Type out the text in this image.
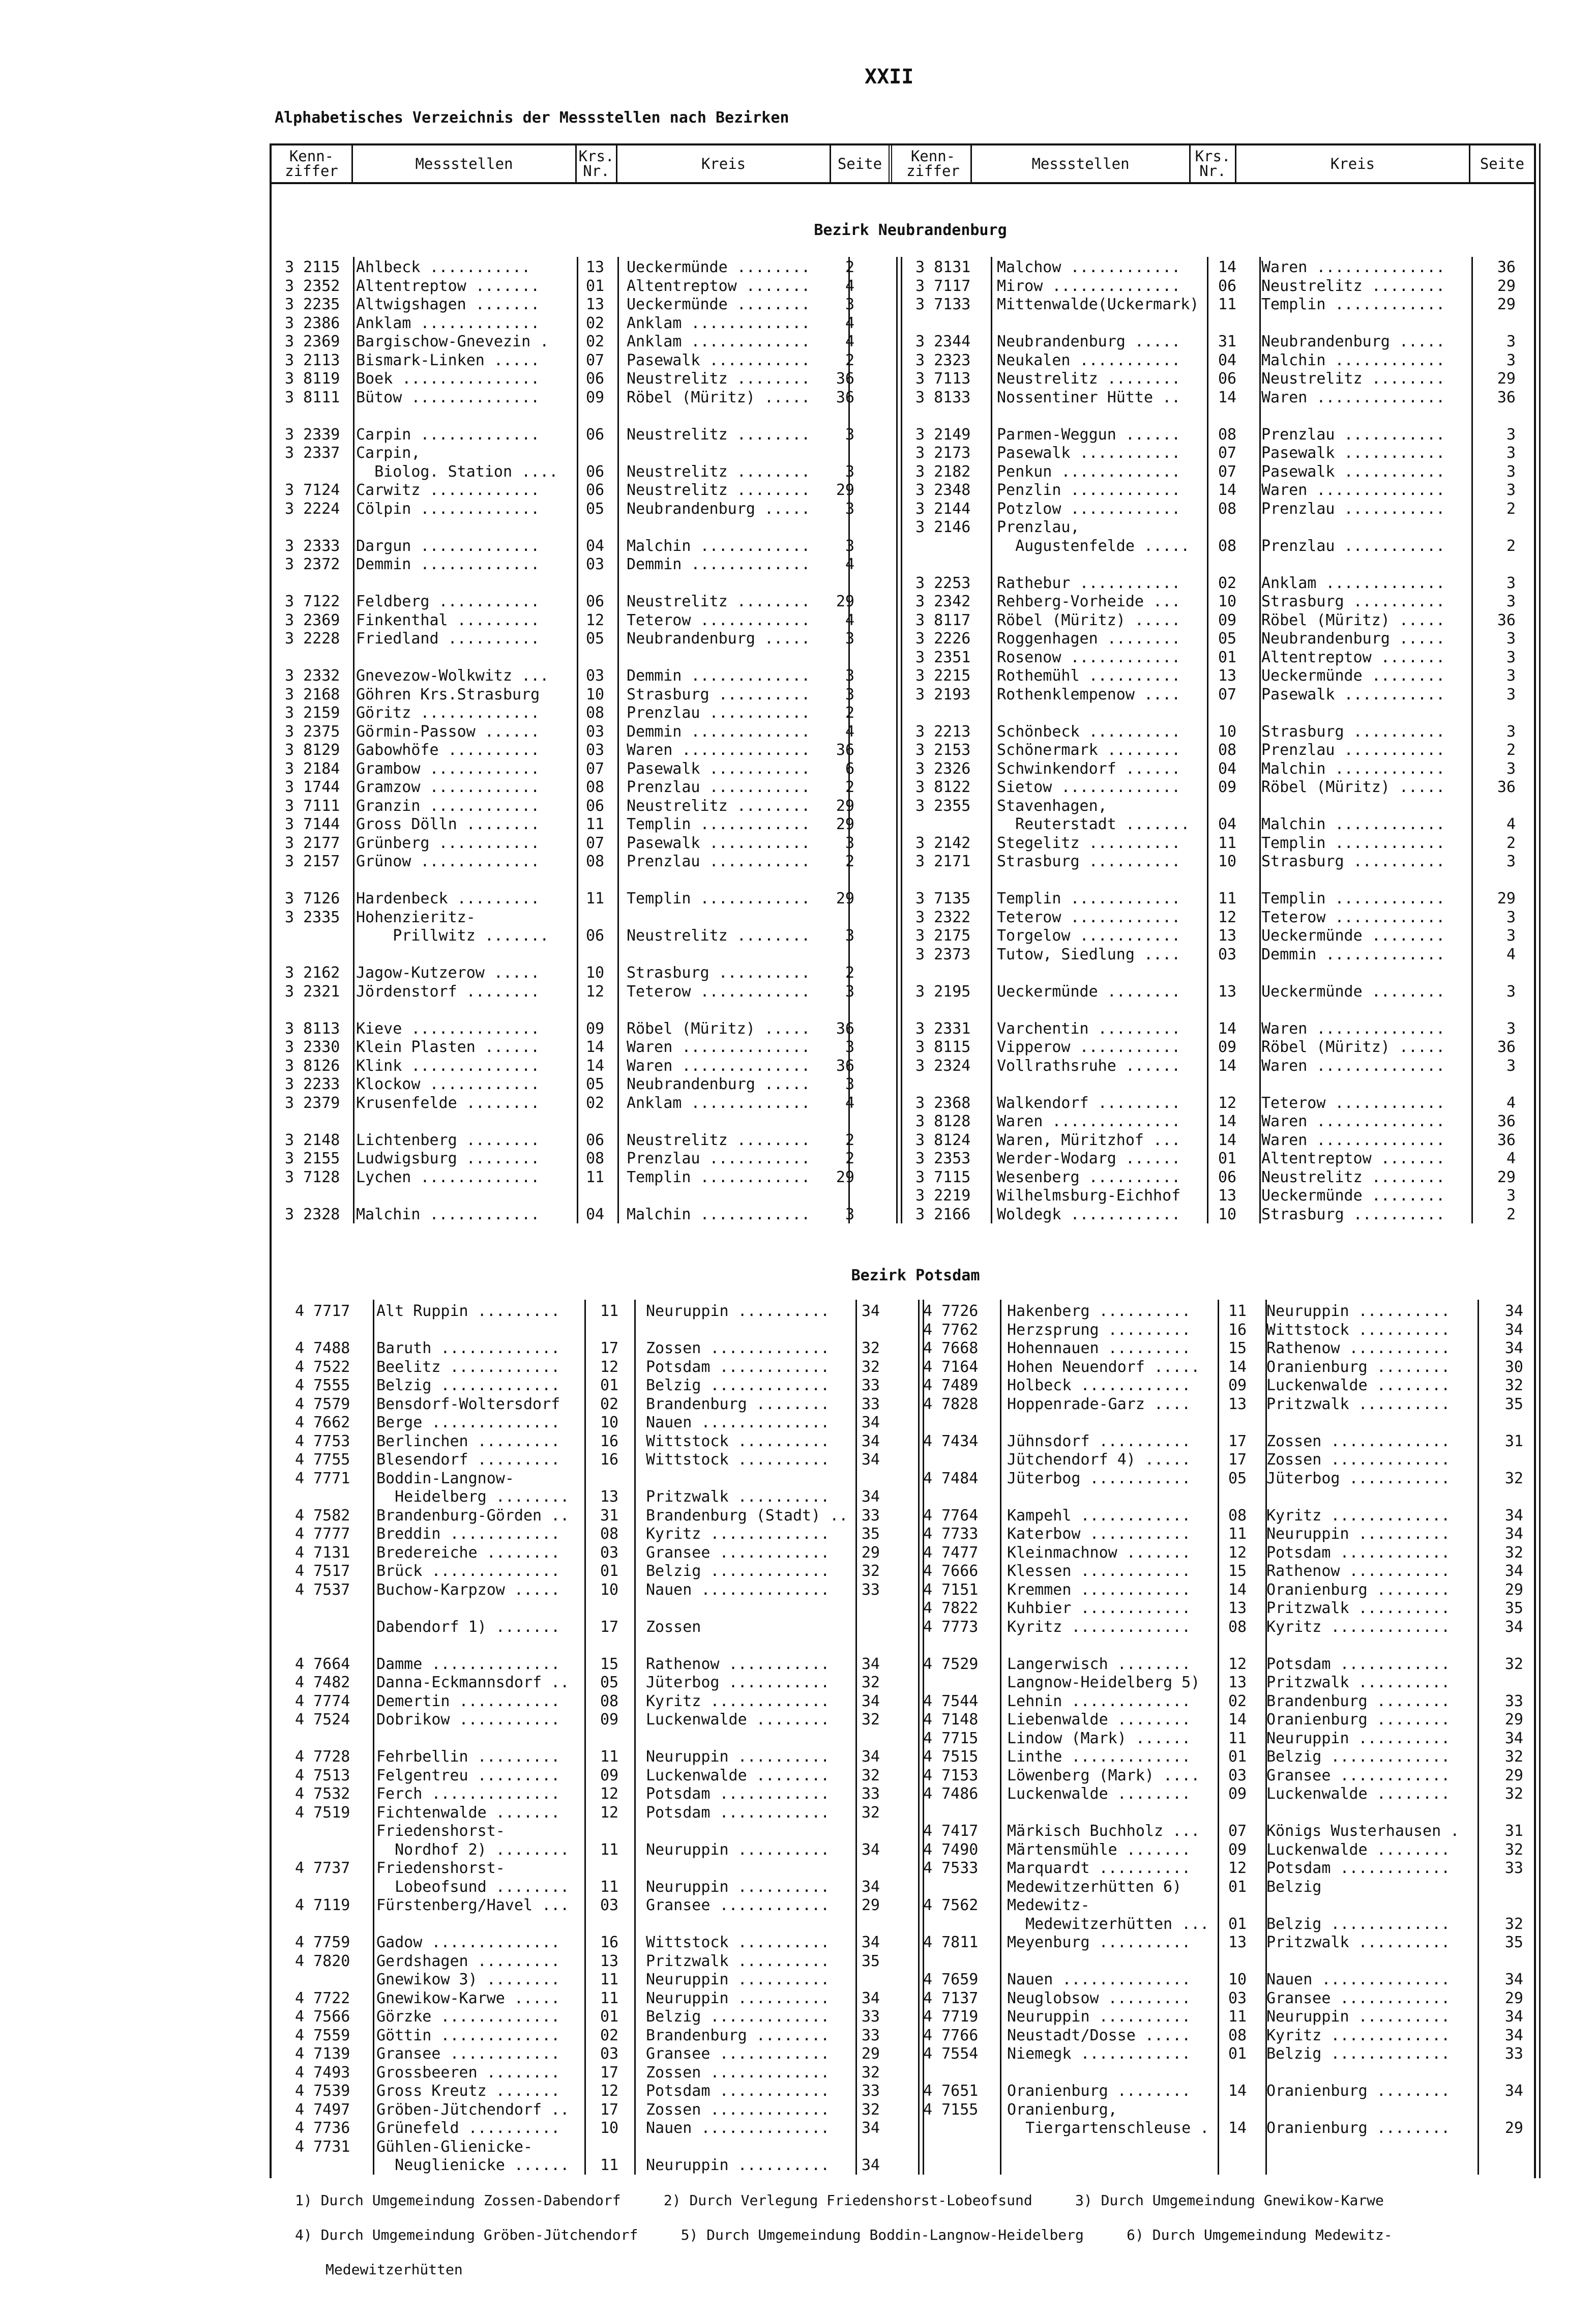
XXII
Alphabetisches Verzeichnis der Messstellen nach Bezirken
Kenn-
ziffer	Messstellen	Krs.
Nr.	Kreis	Seite	Kenn-
ziffer	Messstellen	Krs.
Nr.	Kreis	Seite
Bezirk Neubrandenburg
3 2115 Ahlbeck ...........	13 Ueckermünde ........	2
3 2352 Altentreptow .......	01 Altentreptow .......	4
3 2235 Altwigshagen .......	13 Ueckermünde ........	3
3 2386 Anklam .............	02 Anklam .............	4
3 2369 Bargischow-Gnevezin . 02 Anklam .............	4
3 2113 Bismark-Linken .....	07 Pasewalk ...........	2
3 8119 Boek ...............	06 Neustrelitz ........	36
3 8111 Bütow ..............	09 Röbel (Müritz) .....	36
3 2339 Carpin .............	06 Neustrelitz ........	3
3 2337 Carpin,
Biolog. Station .... 06 Neustrelitz ........	3
3 7124 Carwitz ............	06 Neustrelitz ........	29
3 2224 Cölpin .............	05 Neubrandenburg .....	3
3 2333 Dargun .............	04 Malchin ............	3
3 2372 Demmin .............	03 Demmin .............	4
3 7122 Feldberg ...........	06 Neustrelitz ........	29
3 2369 Finkenthal .........	12 Teterow ............	4
3 2228 Friedland ..........	05 Neubrandenburg .....	3
3 2332 Gnevezow-Wolkwitz ... 03 Demmin .............	3
3 2168 Göhren Krs.Strasburg	10 Strasburg ..........	3
3 2159 Göritz .............	08 Prenzlau ...........	2
3 2375 Görmin-Passow ......	03 Demmin .............	4
3 8129 Gabowhöfe ..........	03 Waren ..............	36
3 2184 Grambow ............	07 Pasewalk ...........	6
3 1744 Gramzow ............	08 Prenzlau ...........	2
3 7111 Granzin ............	06 Neustrelitz ........	29
3 7144 Gross Dölln ........	11 Templin ............	29
3 2177 Grünberg ...........	07 Pasewalk ...........	3
3 2157 Grünow .............	08 Prenzlau ...........	2
3 7126 Hardenbeck .........	11 Templin ............	29
3 2335 Hohenzieritz-
Prillwitz ....... 06 Neustrelitz ........	3
3 2162 Jagow-Kutzerow .....	10 Strasburg ..........	2
3 2321 Jördenstorf ........	12 Teterow ............	3
3 8113 Kieve ..............	09 Röbel (Müritz) .....	36
3 2330 Klein Plasten ......	14 Waren ..............	3
3 8126 Klink ..............	14 Waren ..............	36
3 2233 Klockow ............	05 Neubrandenburg .....	3
3 2379 Krusenfelde ........	02 Anklam .............	4
3 2148 Lichtenberg ........	06 Neustrelitz ........	2
3 2155 Ludwigsburg ........	08 Prenzlau ...........	2
3 7128 Lychen .............	11 Templin ............	29
3 2328 Malchin ............	04 Malchin ............	3
3 8131 Malchow ............ 14 Waren ..............	36
3 7117 Mirow .............. 06 Neustrelitz ........	29
3 7133 Mittenwalde(Uckermark) 11 Templin ............	29
3 2344 Neubrandenburg ..... 31 Neubrandenburg .....	3
3 2323 Neukalen ........... 04 Malchin ............	3
3 7113 Neustrelitz ........ 06 Neustrelitz ........	29
3 8133 Nossentiner Hütte .. 14 Waren ..............	36
3 2149 Parmen-Weggun ...... 08 Prenzlau ...........	3
3 2173 Pasewalk ........... 07 Pasewalk ...........	3
3 2182 Penkun ............. 07 Pasewalk ...........	3
3 2348 Penzlin ............ 14 Waren ..............	3
3 2144 Potzlow ............ 08 Prenzlau ...........	2
3 2146 Prenzlau,
Augustenfelde ..... 08 Prenzlau ...........	2
3 2253 Rathebur ........... 02 Anklam .............	3
3 2342 Rehberg-Vorheide ... 10 Strasburg ..........	3
3 8117 Röbel (Müritz) ..... 09 Röbel (Müritz) .....	36
3 2226 Roggenhagen ........ 05 Neubrandenburg .....	3
3 2351 Rosenow ............ 01 Altentreptow .......	3
3 2215 Rothemühl .......... 13 Ueckermünde ........	3
3 2193 Rothenklempenow .... 07 Pasewalk ...........	3
3 2213 Schönbeck .......... 10 Strasburg ..........	3
3 2153 Schönermark ........ 08 Prenzlau ...........	2
3 2326 Schwinkendorf ...... 04 Malchin ............	3
3 8122 Sietow ............. 09 Röbel (Müritz) .....	36
3 2355 Stavenhagen,
Reuterstadt ....... 04 Malchin ............	4
3 2142 Stegelitz .......... 11 Templin ............	2
3 2171 Strasburg .......... 10 Strasburg ..........	3
3 7135 Templin ............ 11 Templin ............	29
3 2322 Teterow ............ 12 Teterow ............	3
3 2175 Torgelow ........... 13 Ueckermünde ........	3
3 2373 Tutow, Siedlung .... 03 Demmin .............	4
3 2195 Ueckermünde ........ 13 Ueckermünde ........	3
3 2331 Varchentin ......... 14 Waren ..............	3
3 8115 Vipperow ........... 09 Röbel (Müritz) .....	36
3 2324 Vollrathsruhe ...... 14 Waren ..............	3
3 2368 Walkendorf ......... 12 Teterow ............	4
3 8128 Waren .............. 14 Waren ..............	36
3 8124 Waren, Müritzhof ... 14 Waren ..............	36
3 2353 Werder-Wodarg ...... 01 Altentreptow .......	4
3 7115 Wesenberg .......... 06 Neustrelitz ........	29
3 2219 Wilhelmsburg-Eichhof 13 Ueckermünde ........	3
3 2166 Woldegk ............ 10 Strasburg ..........	2
Bezirk Potsdam
4 7717 Alt Ruppin .........	11 Neuruppin ..........	34
4 7488 Baruth .............	17 Zossen .............	32
4 7522 Beelitz ............	12 Potsdam ............	32
4 7555 Belzig .............	01 Belzig .............	33
4 7579 Bensdorf-Woltersdorf	02 Brandenburg ........	33
4 7662 Berge ..............	10 Nauen ..............	34
4 7753 Berlinchen .........	16 Wittstock ..........	34
4 7755 Blesendorf .........	16 Wittstock ..........	34
4 7771 Boddin-Langnow-
Heidelberg ........ 13 Pritzwalk ..........	34
4 7582 Brandenburg-Görden .. 31 Brandenburg (Stadt) .. 33
4 7777 Breddin ............	08 Kyritz .............	35
4 7131 Bredereiche ........	03 Gransee ............	29
4 7517 Brück ..............	01 Belzig .............	32
4 7537 Buchow-Karpzow .....	10 Nauen ..............	33
Dabendorf 1) .......	17 Zossen
4 7664 Damme ..............	15 Rathenow ...........	34
4 7482 Danna-Eckmannsdorf .. 05 Jüterbog ...........	32
4 7774 Demertin ...........	08 Kyritz .............	34
4 7524 Dobrikow ...........	09 Luckenwalde ........	32
4 7728 Fehrbellin .........	11 Neuruppin ..........	34
4 7513 Felgentreu .........	09 Luckenwalde ........	32
4 7532 Ferch ..............	12 Potsdam ............	33
4 7519 Fichtenwalde .......	12 Potsdam ............	32
Friedenshorst-
Nordhof 2) ........ 11 Neuruppin ..........	34
4 7737 Friedenshorst-
Lobeofsund ........ 11 Neuruppin ..........	34
4 7119 Fürstenberg/Havel ... 03 Gransee ............	29
4 7759 Gadow ..............	16 Wittstock ..........	34
4 7820 Gerdshagen .........	13 Pritzwalk ..........	35
Gnewikow 3) ........	11 Neuruppin ..........
4 7722 Gnewikow-Karwe .....	11 Neuruppin ..........	34
4 7566 Görzke .............	01 Belzig .............	33
4 7559 Göttin .............	02 Brandenburg ........	33
4 7139 Gransee ............	03 Gransee ............	29
4 7493 Grossbeeren ........	17 Zossen .............	32
4 7539 Gross Kreutz .......	12 Potsdam ............	33
4 7497 Gröben-Jütchendorf .. 17 Zossen .............	32
4 7736 Grünefeld ..........	10 Nauen ..............	34
4 7731 Gühlen-Glienicke-
Neuglienicke ...... 11 Neuruppin ..........	34
4 7726 Hakenberg .......... 11 Neuruppin ..........	34
4 7762 Herzsprung ......... 16 Wittstock ..........	34
4 7668 Hohennauen ......... 15 Rathenow ...........	34
4 7164 Hohen Neuendorf ..... 14 Oranienburg ........	30
4 7489 Holbeck ............ 09 Luckenwalde ........	32
4 7828 Hoppenrade-Garz .... 13 Pritzwalk ..........	35
4 7434 Jühnsdorf .......... 17 Zossen .............	31
Jütchendorf 4) ..... 17 Zossen .............
4 7484 Jüterbog ........... 05 Jüterbog ...........	32
4 7764 Kampehl ............ 08 Kyritz .............	34
4 7733 Katerbow ........... 11 Neuruppin ..........	34
4 7477 Kleinmachnow ....... 12 Potsdam ............	32
4 7666 Klessen ............ 15 Rathenow ...........	34
4 7151 Kremmen ............ 14 Oranienburg ........	29
4 7822 Kuhbier ............ 13 Pritzwalk ..........	35
4 7773 Kyritz ............. 08 Kyritz .............	34
4 7529 Langerwisch ........ 12 Potsdam ............	32
Langnow-Heidelberg 5) 13 Pritzwalk ..........
4 7544 Lehnin ............. 02 Brandenburg ........	33
4 7148 Liebenwalde ........ 14 Oranienburg ........	29
4 7715 Lindow (Mark) ...... 11 Neuruppin ..........	34
4 7515 Linthe ............. 01 Belzig .............	32
4 7153 Löwenberg (Mark) .... 03 Gransee ............	29
4 7486 Luckenwalde ........ 09 Luckenwalde ........	32
4 7417 Märkisch Buchholz ... 07 Königs Wusterhausen .	31
4 7490 Märtensmühle ....... 09 Luckenwalde ........	32
4 7533 Marquardt .......... 12 Potsdam ............	33
Medewitzerhütten 6)	01 Belzig
4 7562 Medewitz-
Medewitzerhütten ... 01 Belzig .............	32
4 7811 Meyenburg .......... 13 Pritzwalk ..........	35
4 7659 Nauen .............. 10 Nauen ..............	34
4 7137 Neuglobsow ......... 03 Gransee ............	29
4 7719 Neuruppin .......... 11 Neuruppin ..........	34
4 7766 Neustadt/Dosse ..... 08 Kyritz .............	34
4 7554 Niemegk ............ 01 Belzig .............	33
4 7651 Oranienburg ........ 14 Oranienburg ........	34
4 7155 Oranienburg,
Tiergartenschleuse . 14 Oranienburg ........	29

1) Durch Umgemeindung Zossen-Dabendorf     2) Durch Verlegung Friedenshorst-Lobeofsund     3) Durch Umgemeindung Gnewikow-Karwe

4) Durch Umgemeindung Gröben-Jütchendorf     5) Durch Umgemeindung Boddin-Langnow-Heidelberg     6) Durch Umgemeindung Medewitz-

Medewitzerhütten
